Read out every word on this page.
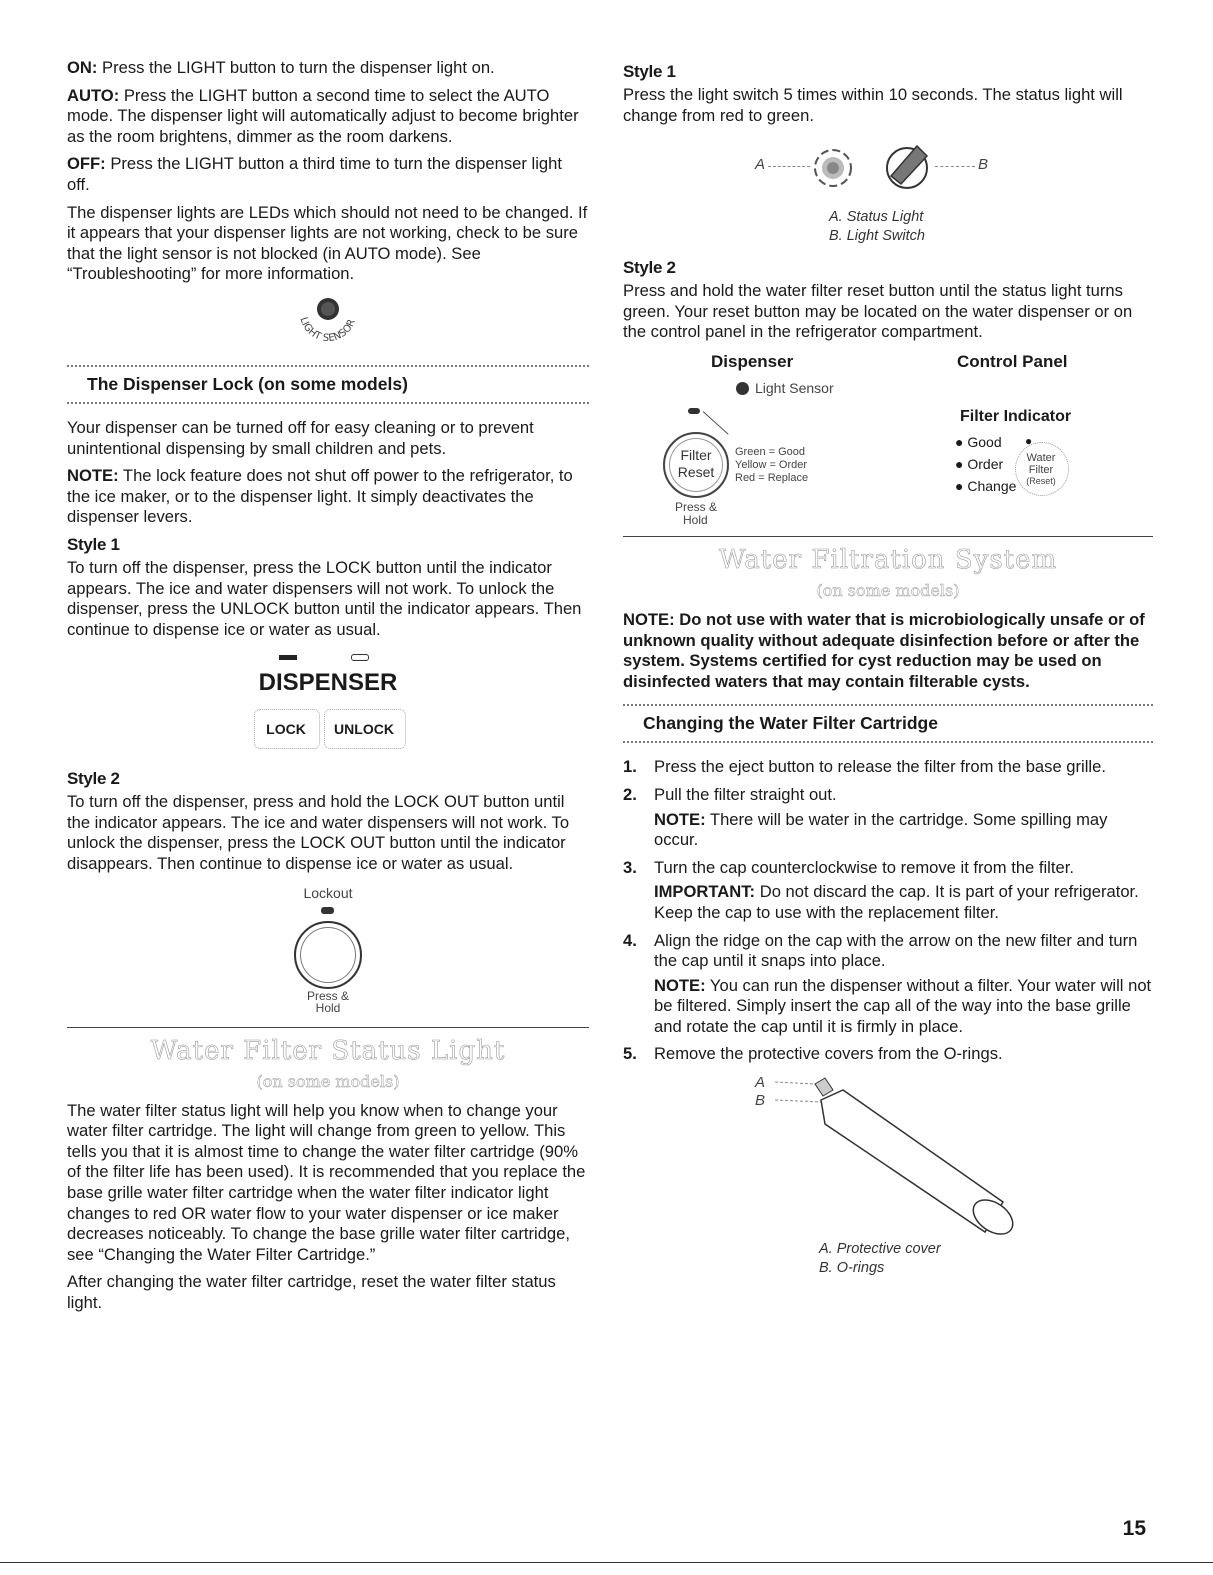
ON: Press the LIGHT button to turn the dispenser light on.

AUTO: Press the LIGHT button a second time to select the AUTO mode. The dispenser light will automatically adjust to become brighter as the room brightens, dimmer as the room darkens.

OFF: Press the LIGHT button a third time to turn the dispenser light off.

The dispenser lights are LEDs which should not need to be changed. If it appears that your dispenser lights are not working, check to be sure that the light sensor is not blocked (in AUTO mode). See “Troubleshooting” for more information.

LIGHT SENSOR
The Dispenser Lock (on some models)

Your dispenser can be turned off for easy cleaning or to prevent unintentional dispensing by small children and pets.

NOTE: The lock feature does not shut off power to the refrigerator, to the ice maker, or to the dispenser light. It simply deactivates the dispenser levers.

Style 1

To turn off the dispenser, press the LOCK button until the indicator appears. The ice and water dispensers will not work. To unlock the dispenser, press the UNLOCK button until the indicator appears. Then continue to dispense ice or water as usual.

DISPENSER
LOCK	UNLOCK
Style 2

To turn off the dispenser, press and hold the LOCK OUT button until the indicator appears. The ice and water dispensers will not work. To unlock the dispenser, press the LOCK OUT button until the indicator disappears. Then continue to dispense ice or water as usual.

Lockout
Press &
Hold
Water Filter Status Light
(on some models)

The water filter status light will help you know when to change your water filter cartridge. The light will change from green to yellow. This tells you that it is almost time to change the water filter cartridge (90% of the filter life has been used). It is recommended that you replace the base grille water filter cartridge when the water filter indicator light changes to red OR water flow to your water dispenser or ice maker decreases noticeably. To change the base grille water filter cartridge, see “Changing the Water Filter Cartridge.”

After changing the water filter cartridge, reset the water filter status light.

Style 1

Press the light switch 5 times within 10 seconds. The status light will change from red to green.

A	B
A. Status Light
B. Light Switch
Style 2

Press and hold the water filter reset button until the status light turns green. Your reset button may be located on the water dispenser or on the control panel in the refrigerator compartment.

Dispenser	Control Panel
Light Sensor
Filter
Reset
Green = Good
Yellow = Order
Red = Replace
Press &
Hold
Filter Indicator
● Good
● Order
● Change
●
Water
Filter
(Reset)
Water Filtration System
(on some models)
NOTE: Do not use with water that is microbiologically unsafe or of unknown quality without adequate disinfection before or after the system. Systems certified for cyst reduction may be used on disinfected waters that may contain filterable cysts.
Changing the Water Filter Cartridge
1. Press the eject button to release the filter from the base grille.
2. Pull the filter straight out.

NOTE: There will be water in the cartridge. Some spilling may occur.

3. Turn the cap counterclockwise to remove it from the filter.

IMPORTANT: Do not discard the cap. It is part of your refrigerator. Keep the cap to use with the replacement filter.

4. Align the ridge on the cap with the arrow on the new filter and turn the cap until it snaps into place.

NOTE: You can run the dispenser without a filter. Your water will not be filtered. Simply insert the cap all of the way into the base grille and rotate the cap until it is firmly in place.

5. Remove the protective covers from the O-rings.
A
B
A. Protective cover
B. O-rings
15
